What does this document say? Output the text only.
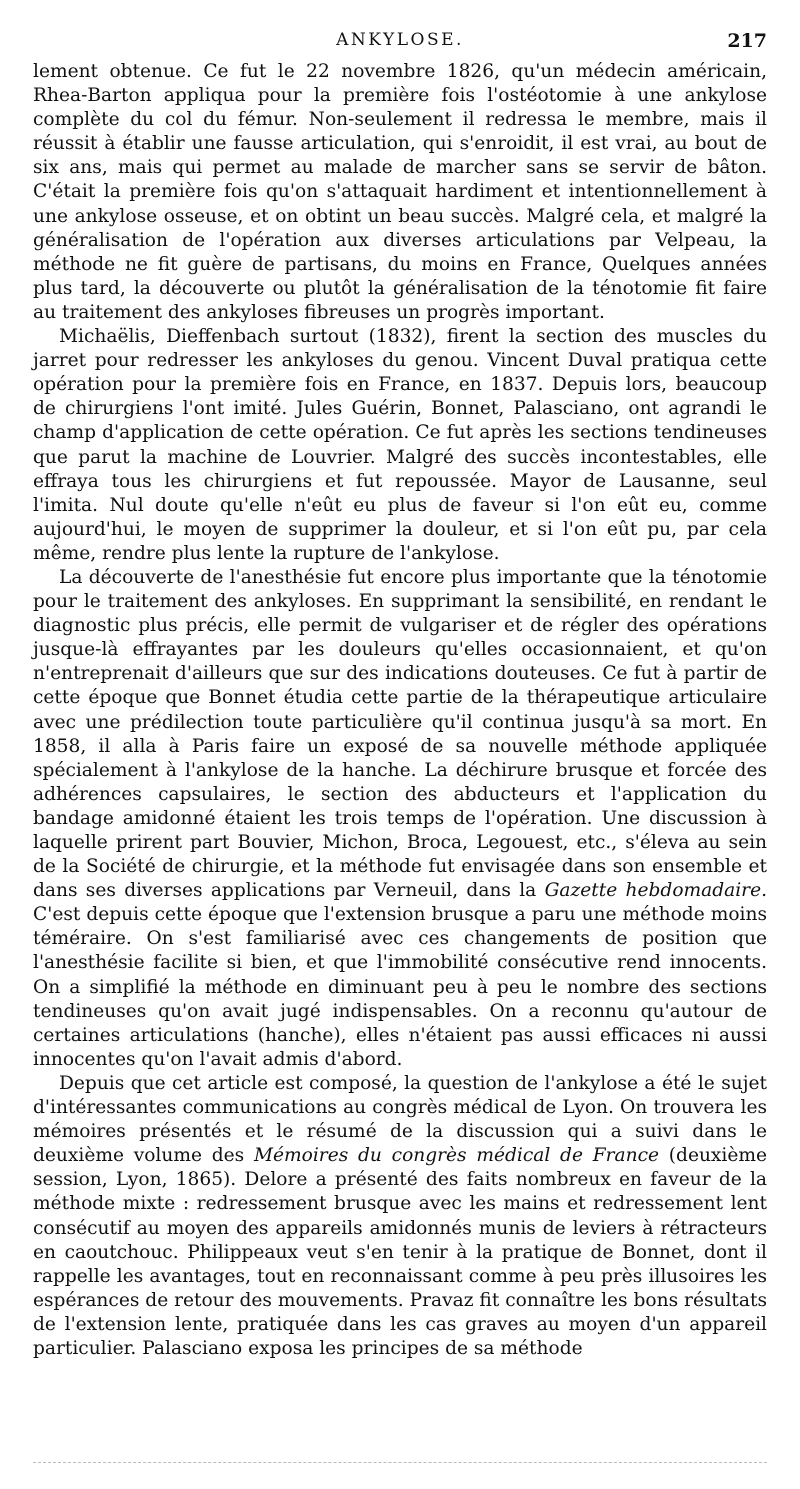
ANKYLOSE.	217

lement obtenue. Ce fut le 22 novembre 1826, qu'un médecin américain, Rhea-Barton appliqua pour la première fois l'ostéotomie à une ankylose complète du col du fémur. Non-seulement il redressa le membre, mais il réussit à établir une fausse articulation, qui s'enroidit, il est vrai, au bout de six ans, mais qui permet au malade de marcher sans se servir de bâton. C'était la première fois qu'on s'attaquait hardiment et intentionnellement à une ankylose osseuse, et on obtint un beau succès. Malgré cela, et malgré la généralisation de l'opération aux diverses articulations par Velpeau, la méthode ne fit guère de partisans, du moins en France, Quelques années plus tard, la découverte ou plutôt la généralisation de la ténotomie fit faire au traitement des ankyloses fibreuses un progrès important.

Michaëlis, Dieffenbach surtout (1832), firent la section des muscles du jarret pour redresser les ankyloses du genou. Vincent Duval pratiqua cette opération pour la première fois en France, en 1837. Depuis lors, beaucoup de chirurgiens l'ont imité. Jules Guérin, Bonnet, Palasciano, ont agrandi le champ d'application de cette opération. Ce fut après les sections tendineuses que parut la machine de Louvrier. Malgré des succès incontestables, elle effraya tous les chirurgiens et fut repoussée. Mayor de Lausanne, seul l'imita. Nul doute qu'elle n'eût eu plus de faveur si l'on eût eu, comme aujourd'hui, le moyen de supprimer la douleur, et si l'on eût pu, par cela même, rendre plus lente la rupture de l'ankylose.

La découverte de l'anesthésie fut encore plus importante que la ténotomie pour le traitement des ankyloses. En supprimant la sensibilité, en rendant le diagnostic plus précis, elle permit de vulgariser et de régler des opérations jusque-là effrayantes par les douleurs qu'elles occasionnaient, et qu'on n'entreprenait d'ailleurs que sur des indications douteuses. Ce fut à partir de cette époque que Bonnet étudia cette partie de la thérapeutique articulaire avec une prédilection toute particulière qu'il continua jusqu'à sa mort. En 1858, il alla à Paris faire un exposé de sa nouvelle méthode appliquée spécialement à l'ankylose de la hanche. La déchirure brusque et forcée des adhérences capsulaires, le section des abducteurs et l'application du bandage amidonné étaient les trois temps de l'opération. Une discussion à laquelle prirent part Bouvier, Michon, Broca, Legouest, etc., s'éleva au sein de la Société de chirurgie, et la méthode fut envisagée dans son ensemble et dans ses diverses applications par Verneuil, dans la Gazette hebdomadaire. C'est depuis cette époque que l'extension brusque a paru une méthode moins téméraire. On s'est familiarisé avec ces changements de position que l'anesthésie facilite si bien, et que l'immobilité consécutive rend innocents. On a simplifié la méthode en diminuant peu à peu le nombre des sections tendineuses qu'on avait jugé indispensables. On a reconnu qu'autour de certaines articulations (hanche), elles n'étaient pas aussi efficaces ni aussi innocentes qu'on l'avait admis d'abord.

Depuis que cet article est composé, la question de l'ankylose a été le sujet d'intéressantes communications au congrès médical de Lyon. On trouvera les mémoires présentés et le résumé de la discussion qui a suivi dans le deuxième volume des Mémoires du congrès médical de France (deuxième session, Lyon, 1865). Delore a présenté des faits nombreux en faveur de la méthode mixte : redressement brusque avec les mains et redressement lent consécutif au moyen des appareils amidonnés munis de leviers à rétracteurs en caoutchouc. Philippeaux veut s'en tenir à la pratique de Bonnet, dont il rappelle les avantages, tout en reconnaissant comme à peu près illusoires les espérances de retour des mouvements. Pravaz fit connaître les bons résultats de l'extension lente, pratiquée dans les cas graves au moyen d'un appareil particulier. Palasciano exposa les principes de sa méthode
